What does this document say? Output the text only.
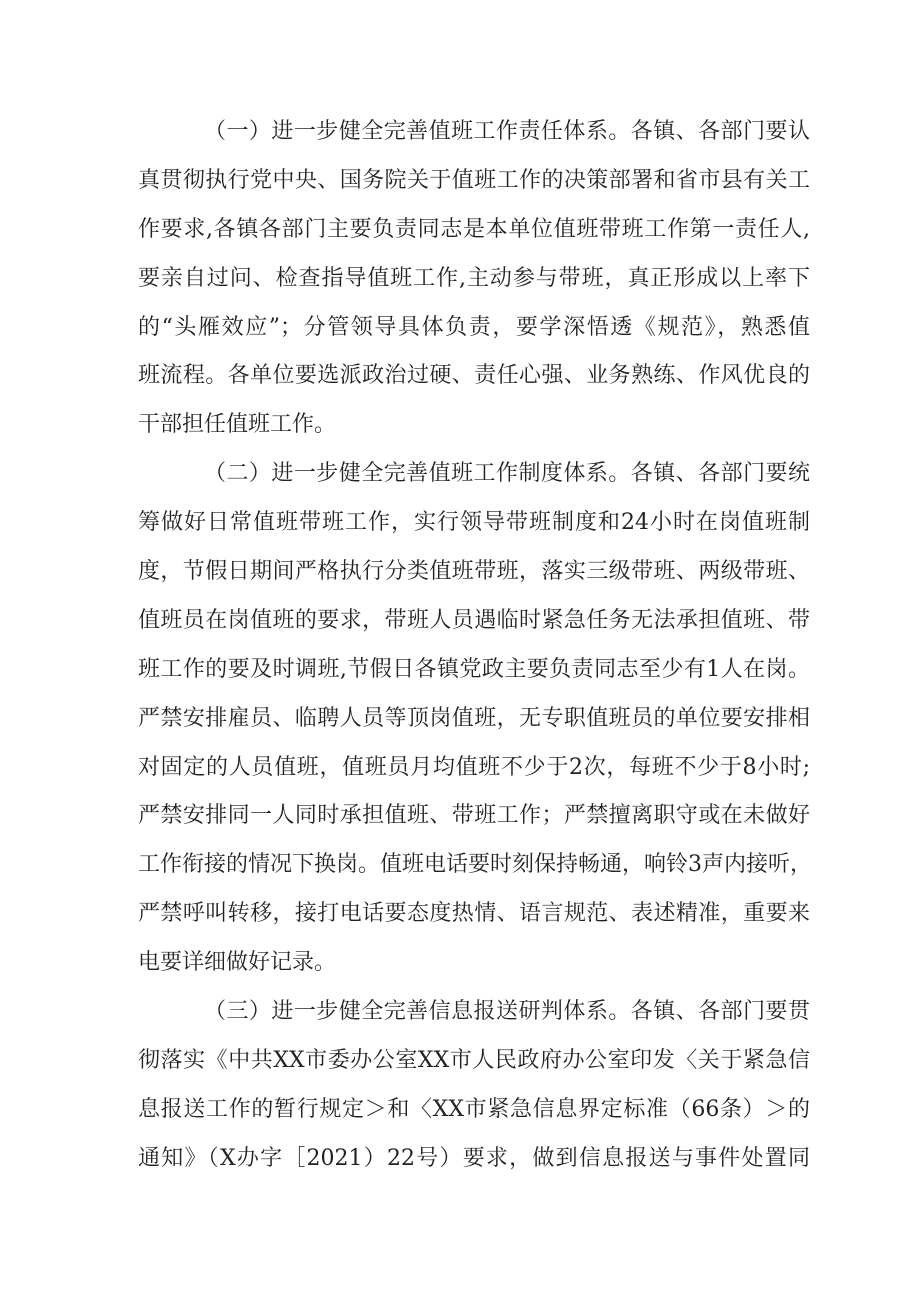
（一）进一步健全完善值班工作责任体系。各镇、各部门要认
真贯彻执行党中央、国务院关于值班工作的决策部署和省市县有关工
作要求,各镇各部门主要负责同志是本单位值班带班工作第一责任人,
要亲自过问、检查指导值班工作,主动参与带班，真正形成以上率下
的“头雁效应”；分管领导具体负责，要学深悟透《规范》，熟悉值
班流程。各单位要选派政治过硬、责任心强、业务熟练、作风优良的
干部担任值班工作。
（二）进一步健全完善值班工作制度体系。各镇、各部门要统
筹做好日常值班带班工作，实行领导带班制度和24小时在岗值班制
度，节假日期间严格执行分类值班带班，落实三级带班、两级带班、
值班员在岗值班的要求，带班人员遇临时紧急任务无法承担值班、带
班工作的要及时调班,节假日各镇党政主要负责同志至少有1人在岗。
严禁安排雇员、临聘人员等顶岗值班，无专职值班员的单位要安排相
对固定的人员值班，值班员月均值班不少于2次，每班不少于8小时;
严禁安排同一人同时承担值班、带班工作；严禁擅离职守或在未做好
工作衔接的情况下换岗。值班电话要时刻保持畅通，响铃3声内接听，
严禁呼叫转移，接打电话要态度热情、语言规范、表述精准，重要来
电要详细做好记录。
（三）进一步健全完善信息报送研判体系。各镇、各部门要贯
彻落实《中共XX市委办公室XX市人民政府办公室印发〈关于紧急信
息报送工作的暂行规定＞和〈XX市紧急信息界定标准（66条）＞的
通知》（X办字［2021）22号）要求，做到信息报送与事件处置同
